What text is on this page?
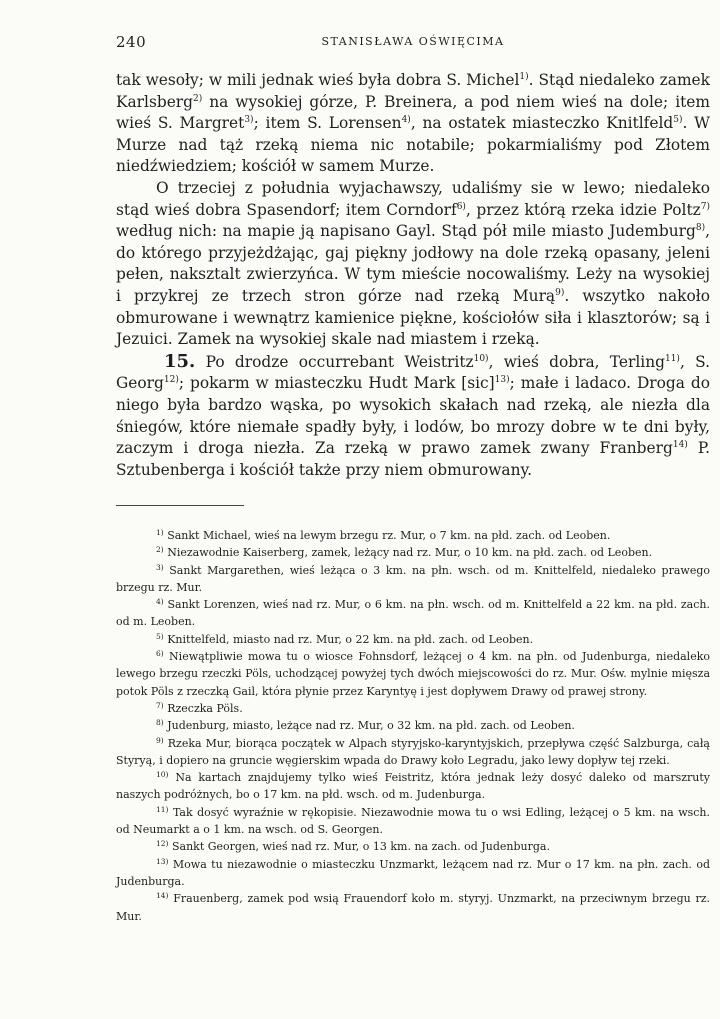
240	STANISŁAWA OŚWIĘCIMA

tak wesoły; w mili jednak wieś była dobra S. Michel$^{1)}$. Stąd niedaleko zamek Karlsberg$^{2)}$ na wysokiej górze, P. Breinera, a pod niem wieś na dole; item wieś S. Margret$^{3)}$; item S. Lorensen$^{4)}$, na ostatek miasteczko Knitlfeld$^{5)}$. W Murze nad tąż rzeką niema nic notabile; pokarmialiśmy pod Złotem niedźwiedziem; kościół w samem Murze.

O trzeciej z południa wyjachawszy, udaliśmy sie w lewo; niedaleko stąd wieś dobra Spasendorf; item Corndorf$^{6)}$, przez którą rzeka idzie Poltz$^{7)}$ według nich: na mapie ją napisano Gayl. Stąd pół mile miasto Judemburg$^{8)}$, do którego przyjeżdżając, gaj piękny jodłowy na dole rzeką opasany, jeleni pełen, naksztalt zwierzyńca. W tym mieście nocowaliśmy. Leży na wysokiej i przykrej ze trzech stron górze nad rzeką Murą$^{9)}$. wszytko nakoło obmurowane i wewnątrz kamienice piękne, kościołów siła i klasztorów; są i Jezuici. Zamek na wysokiej skale nad miastem i rzeką.

15. Po drodze occurrebant Weistritz$^{10)}$, wieś dobra, Terling$^{11)}$, S. Georg$^{12)}$; pokarm w miasteczku Hudt Mark [sic]$^{13)}$; małe i ladaco. Droga do niego była bardzo wąska, po wysokich skałach nad rzeką, ale niezła dla śniegów, które niemałe spadły były, i lodów, bo mrozy dobre w te dni były, zaczym i droga niezła. Za rzeką w prawo zamek zwany Franberg$^{14)}$ P. Sztubenberga i kościół także przy niem obmurowany.

$^{1)}$ Sankt Michael, wieś na lewym brzegu rz. Mur, o 7 km. na płd. zach. od Leoben.

$^{2)}$ Niezawodnie Kaiserberg, zamek, leżący nad rz. Mur, o 10 km. na płd. zach. od Leoben.

$^{3)}$ Sankt Margarethen, wieś leżąca o 3 km. na płn. wsch. od m. Knittelfeld, niedaleko prawego brzegu rz. Mur.

$^{4)}$ Sankt Lorenzen, wieś nad rz. Mur, o 6 km. na płn. wsch. od m. Knittelfeld a 22 km. na płd. zach. od m. Leoben.

$^{5)}$ Knittelfeld, miasto nad rz. Mur, o 22 km. na płd. zach. od Leoben.

$^{6)}$ Niewątpliwie mowa tu o wiosce Fohnsdorf, leżącej o 4 km. na płn. od Judenburga, niedaleko lewego brzegu rzeczki Pöls, uchodzącej powyżej tych dwóch miejscowości do rz. Mur. Ośw. mylnie mięsza potok Pöls z rzeczką Gail, która płynie przez Karyntyę i jest dopływem Drawy od prawej strony.

$^{7)}$ Rzeczka Pöls.

$^{8)}$ Judenburg, miasto, leżące nad rz. Mur, o 32 km. na płd. zach. od Leoben.

$^{9)}$ Rzeka Mur, biorąca początek w Alpach styryjsko-karyntyjskich, przepływa część Salzburga, całą Styryą, i dopiero na gruncie węgierskim wpada do Drawy koło Legradu, jako lewy dopływ tej rzeki.

$^{10)}$ Na kartach znajdujemy tylko wieś Feistritz, która jednak leży dosyć daleko od marszruty naszych podróżnych, bo o 17 km. na płd. wsch. od m. Judenburga.

$^{11)}$ Tak dosyć wyraźnie w rękopisie. Niezawodnie mowa tu o wsi Edling, leżącej o 5 km. na wsch. od Neumarkt a o 1 km. na wsch. od S. Georgen.

$^{12)}$ Sankt Georgen, wieś nad rz. Mur, o 13 km. na zach. od Judenburga.

$^{13)}$ Mowa tu niezawodnie o miasteczku Unzmarkt, leżącem nad rz. Mur o 17 km. na płn. zach. od Judenburga.

$^{14)}$ Frauenberg, zamek pod wsią Frauendorf koło m. styryj. Unzmarkt, na przeciwnym brzegu rz. Mur.
